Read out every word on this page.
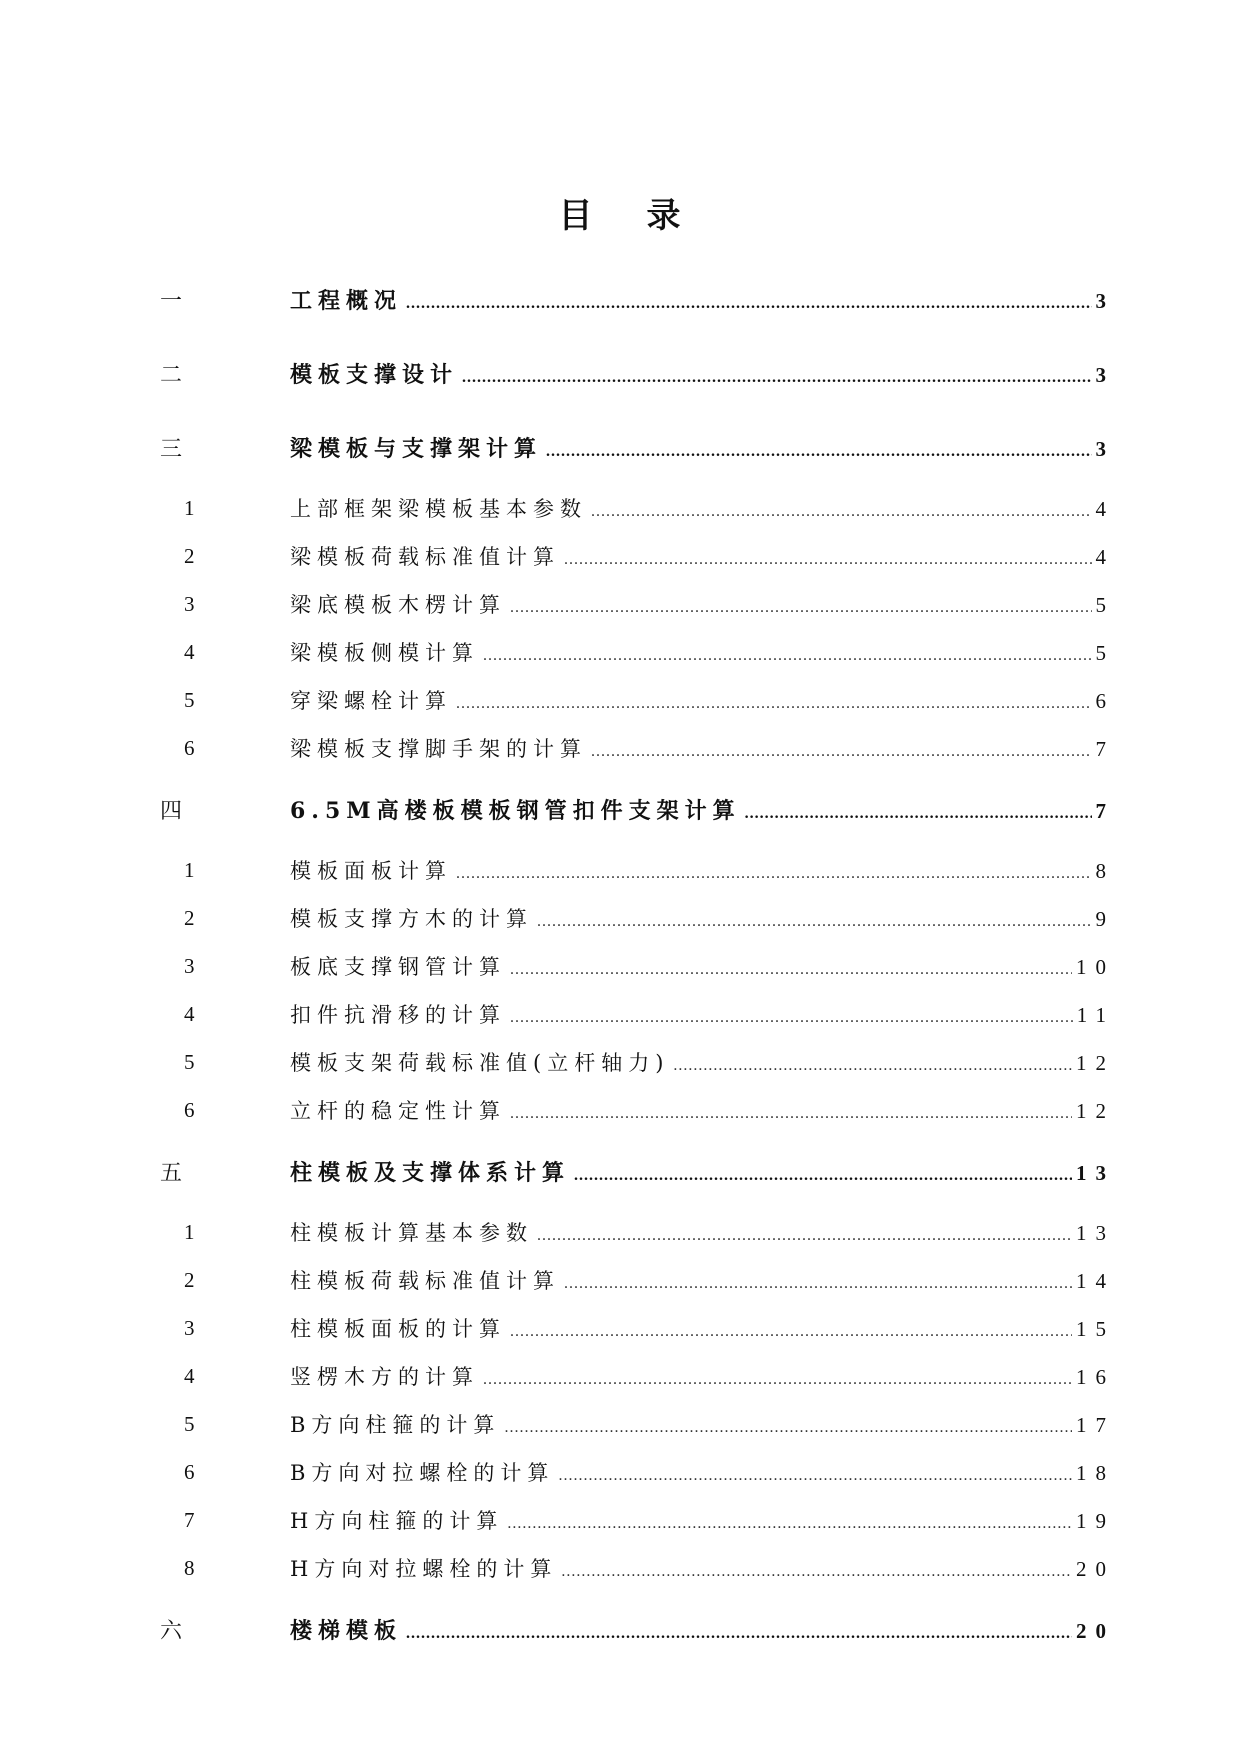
目 录
一	工程概况 .....	3
二	模板支撑设计 .....	3
三	梁模板与支撑架计算 .....	3
1	上部框架梁模板基本参数 .....	4
2	梁模板荷载标准值计算 .....	4
3	梁底模板木楞计算 .....	5
4	梁模板侧模计算 .....	5
5	穿梁螺栓计算 .....	6
6	梁模板支撑脚手架的计算 .....	7
四	6.5M高楼板模板钢管扣件支架计算 .....	7
1	模板面板计算 .....	8
2	模板支撑方木的计算 .....	9
3	板底支撑钢管计算 .....	10
4	扣件抗滑移的计算 .....	11
5	模板支架荷载标准值(立杆轴力) .....	12
6	立杆的稳定性计算 .....	12
五	柱模板及支撑体系计算 .....	13
1	柱模板计算基本参数 .....	13
2	柱模板荷载标准值计算 .....	14
3	柱模板面板的计算 .....	15
4	竖楞木方的计算 .....	16
5	B方向柱箍的计算 .....	17
6	B方向对拉螺栓的计算 .....	18
7	H方向柱箍的计算 .....	19
8	H方向对拉螺栓的计算 .....	20
六	楼梯模板 .....	20
